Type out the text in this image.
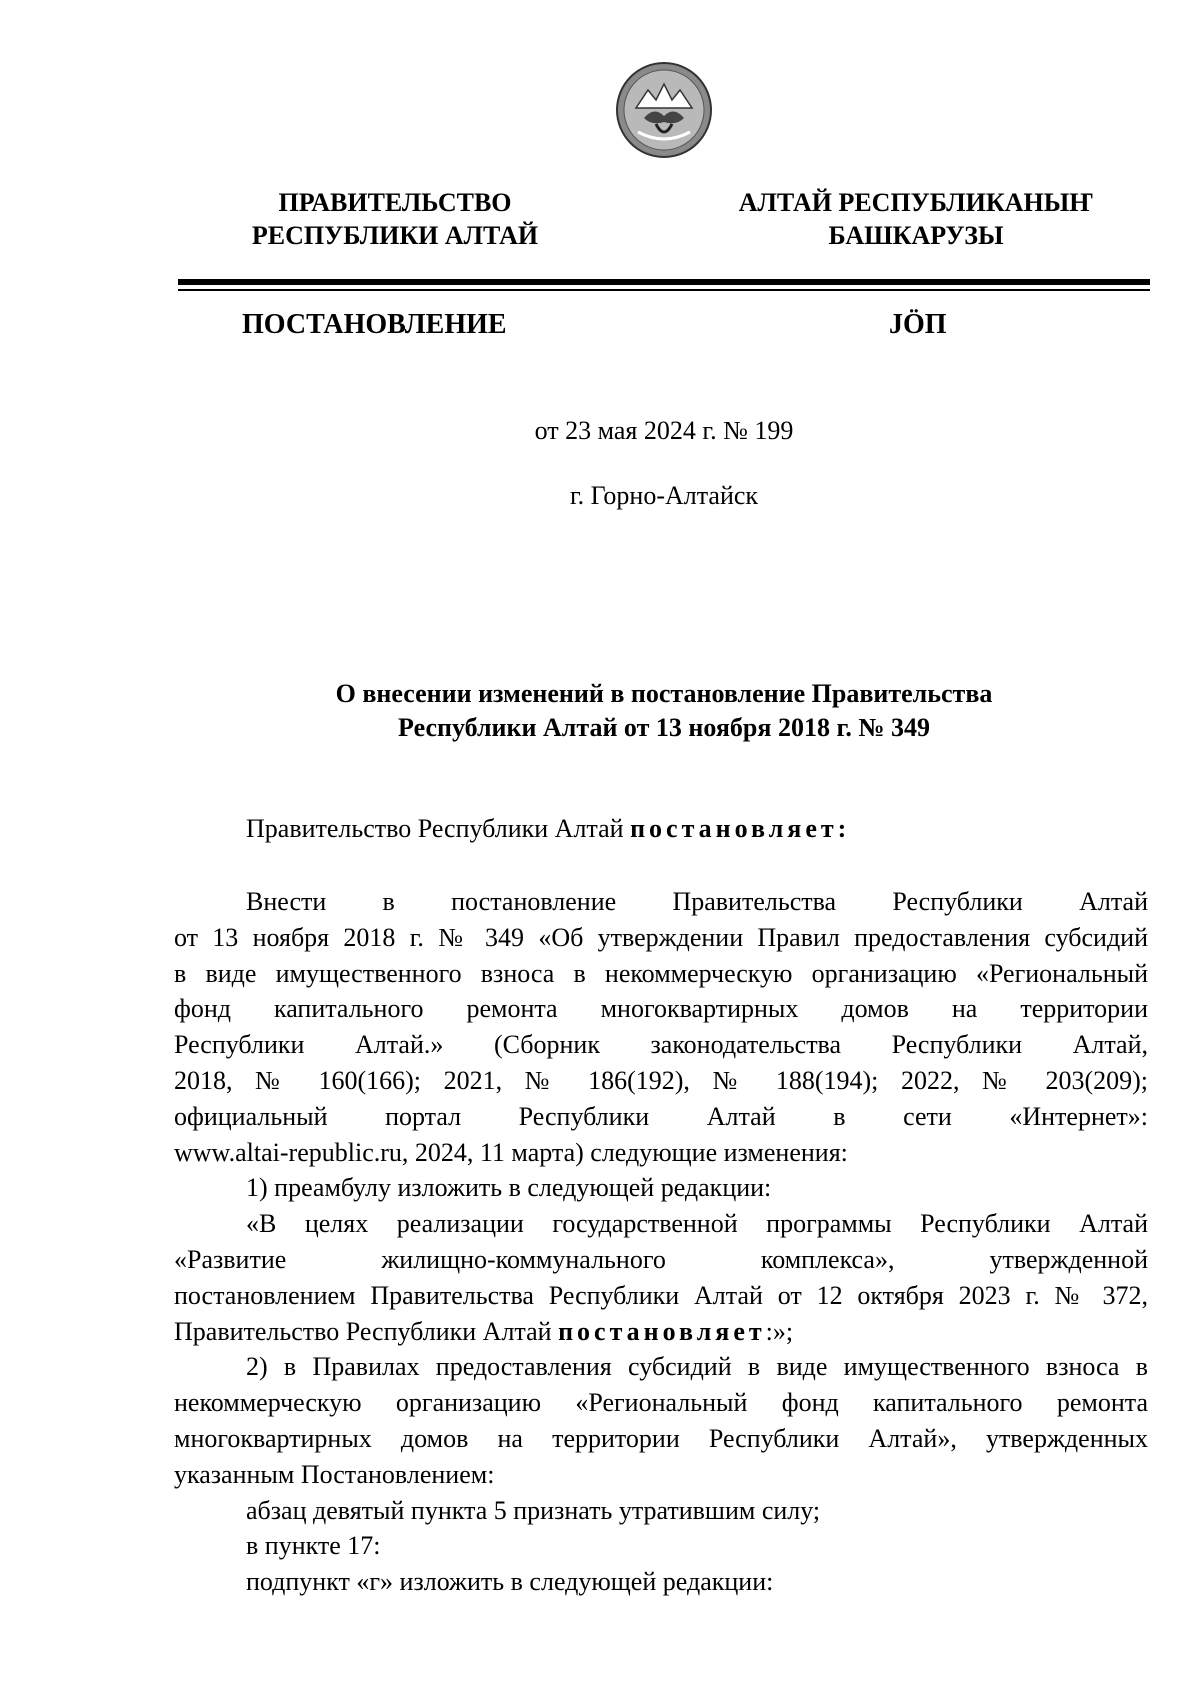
ПРАВИТЕЛЬСТВО
РЕСПУБЛИКИ АЛТАЙ
АЛТАЙ РЕСПУБЛИКАНЫҤ
БАШКАРУЗЫ
ПОСТАНОВЛЕНИЕ	JӦП
от 23 мая 2024 г. № 199
г. Горно-Алтайск
О внесении изменений в постановление Правительства
Республики Алтай от 13 ноября 2018 г. № 349
Правительство Республики Алтай постановляет:
Внести в постановление Правительства Республики Алтай
от 13 ноября 2018 г. № 349 «Об утверждении Правил предоставления субсидий
в виде имущественного взноса в некоммерческую организацию «Региональный
фонд капитального ремонта многоквартирных домов на территории
Республики Алтай.» (Сборник законодательства Республики Алтай,
2018, № 160(166); 2021, № 186(192), № 188(194); 2022, № 203(209);
официальный портал Республики Алтай в сети «Интернет»:
www.altai-republic.ru, 2024, 11 марта) следующие изменения:
1) преамбулу изложить в следующей редакции:
«В целях реализации государственной программы Республики Алтай
«Развитие жилищно-коммунального комплекса», утвержденной
постановлением Правительства Республики Алтай от 12 октября 2023 г. № 372,
Правительство Республики Алтай постановляет:»;
2) в Правилах предоставления субсидий в виде имущественного взноса в
некоммерческую организацию «Региональный фонд капитального ремонта
многоквартирных домов на территории Республики Алтай», утвержденных
указанным Постановлением:
абзац девятый пункта 5 признать утратившим силу;
в пункте 17:
подпункт «г» изложить в следующей редакции:
